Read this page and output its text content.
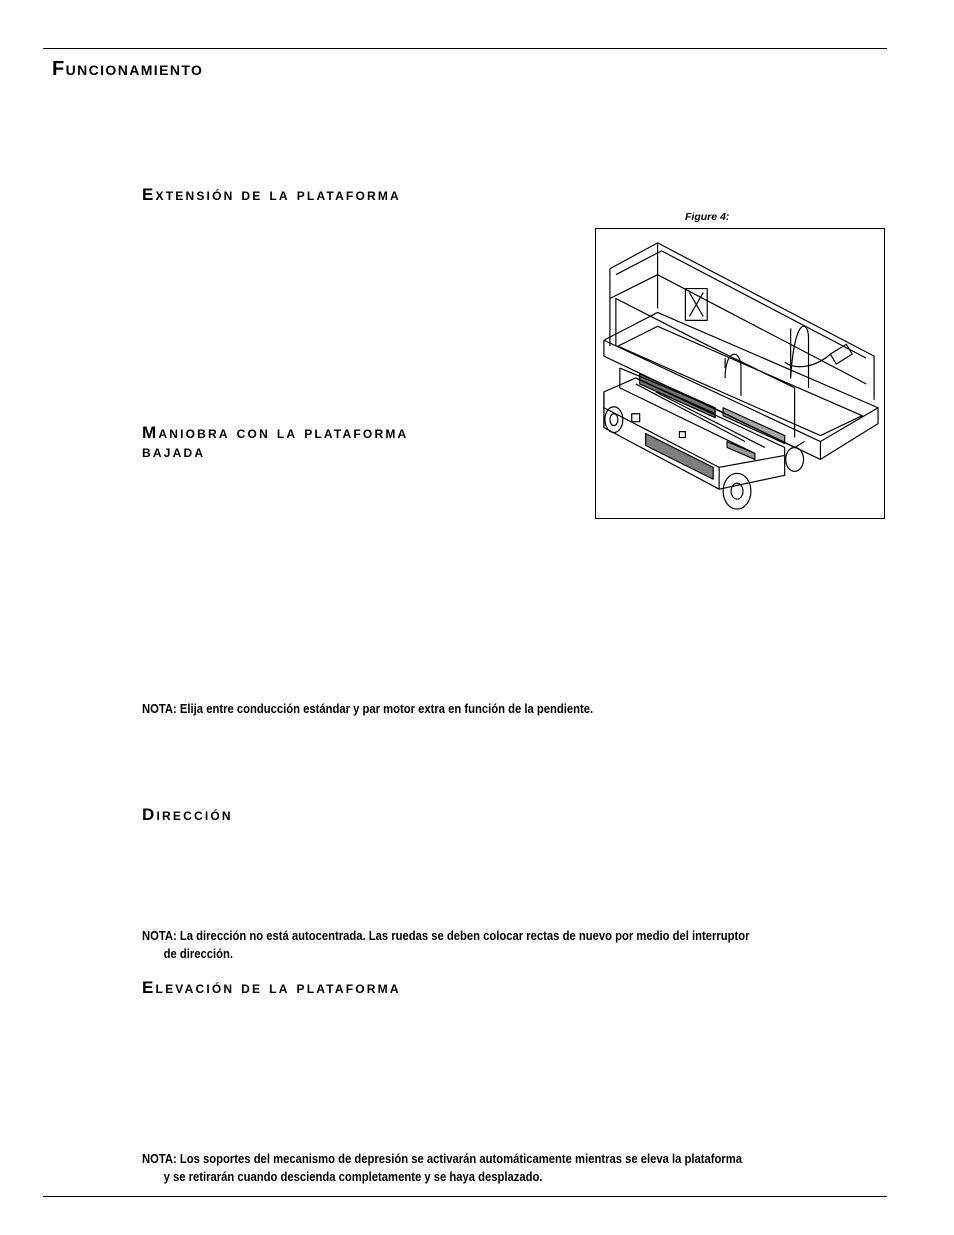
Funcionamiento
Extensión de la plataforma
Figure 4:
Maniobra con la plataforma
bajada
NOTA: Elija entre conducción estándar y par motor extra en función de la pendiente.
Dirección
NOTA: La dirección no está autocentrada. Las ruedas se deben colocar rectas de nuevo por medio del interruptor
de dirección.
Elevación de la plataforma
NOTA: Los soportes del mecanismo de depresión se activarán automáticamente mientras se eleva la plataforma
y se retirarán cuando descienda completamente y se haya desplazado.
